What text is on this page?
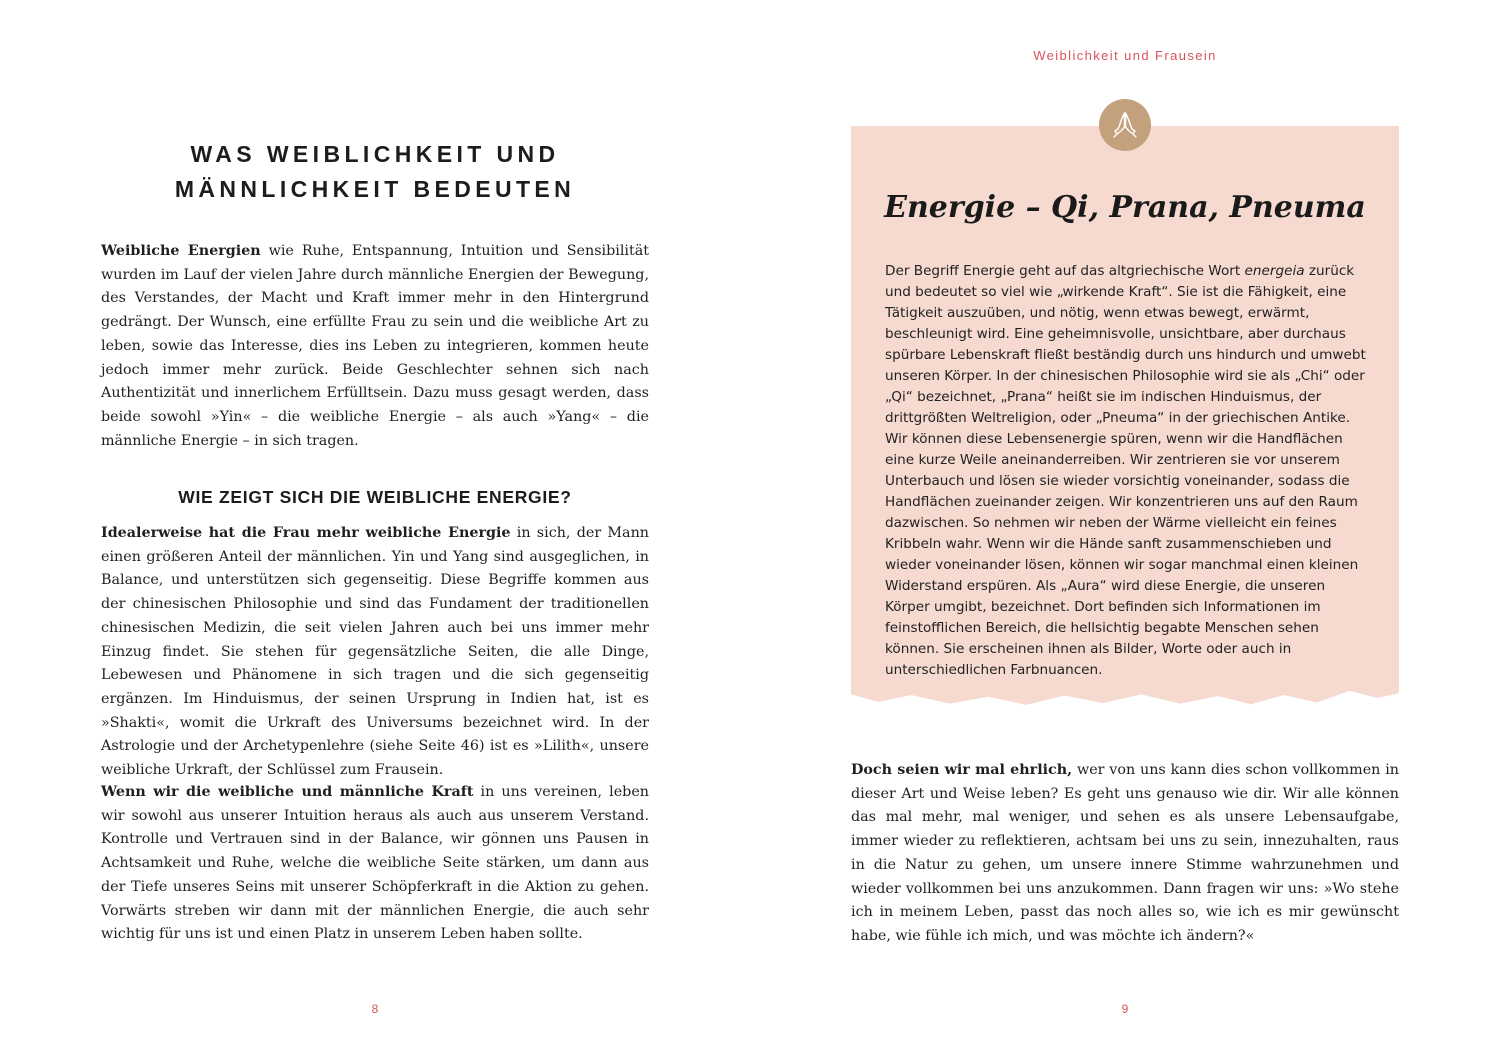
WAS WEIBLICHKEIT UND
MÄNNLICHKEIT BEDEUTEN

Weibliche Energien wie Ruhe, Entspannung, Intuition und Sensibilität wurden im Lauf der vielen Jahre durch männliche Energien der Bewegung, des Verstandes, der Macht und Kraft immer mehr in den Hintergrund gedrängt. Der Wunsch, eine erfüllte Frau zu sein und die weibliche Art zu leben, sowie das Interesse, dies ins Leben zu integrieren, kommen heute jedoch immer mehr zurück. Beide Geschlechter sehnen sich nach Authentizität und innerlichem Erfülltsein. Dazu muss gesagt werden, dass beide sowohl »Yin« – die weibliche Energie – als auch »Yang« – die männliche Energie – in sich tragen.

WIE ZEIGT SICH DIE WEIBLICHE ENERGIE?

Idealerweise hat die Frau mehr weibliche Energie in sich, der Mann einen größeren Anteil der männlichen. Yin und Yang sind ausgeglichen, in Balance, und unterstützen sich gegenseitig. Diese Begriffe kommen aus der chinesischen Philosophie und sind das Fundament der traditionellen chinesischen Medizin, die seit vielen Jahren auch bei uns immer mehr Einzug findet. Sie stehen für gegensätzliche Seiten, die alle Dinge, Lebewesen und Phänomene in sich tragen und die sich gegenseitig ergänzen. Im Hinduismus, der seinen Ursprung in Indien hat, ist es »Shakti«, womit die Urkraft des Universums bezeichnet wird. In der Astrologie und der Archetypenlehre (siehe Seite 46) ist es »Lilith«, unsere weibliche Urkraft, der Schlüssel zum Frausein.

Wenn wir die weibliche und männliche Kraft in uns vereinen, leben wir sowohl aus unserer Intuition heraus als auch aus unserem Verstand. Kontrolle und Vertrauen sind in der Balance, wir gönnen uns Pausen in Achtsamkeit und Ruhe, welche die weibliche Seite stärken, um dann aus der Tiefe unseres Seins mit unserer Schöpferkraft in die Aktion zu gehen. Vorwärts streben wir dann mit der männlichen Energie, die auch sehr wichtig für uns ist und einen Platz in unserem Leben haben sollte.

8
Weiblichkeit und Frausein
Energie – Qi, Prana, Pneuma

Der Begriff Energie geht auf das altgriechische Wort energeia zurück und bedeutet so viel wie „wirkende Kraft“. Sie ist die Fähigkeit, eine Tätigkeit auszuüben, und nötig, wenn etwas bewegt, erwärmt, beschleunigt wird. Eine geheimnisvolle, unsichtbare, aber durchaus spürbare Lebenskraft fließt beständig durch uns hindurch und umwebt unseren Körper. In der chinesischen Philosophie wird sie als „Chi“ oder „Qi“ bezeichnet, „Prana“ heißt sie im indischen Hinduismus, der drittgrößten Weltreligion, oder „Pneuma“ in der griechischen Antike.
Wir können diese Lebensenergie spüren, wenn wir die Handflächen eine kurze Weile aneinanderreiben. Wir zentrieren sie vor unserem Unterbauch und lösen sie wieder vorsichtig voneinander, sodass die Handflächen zueinander zeigen. Wir konzentrieren uns auf den Raum dazwischen. So nehmen wir neben der Wärme vielleicht ein feines Kribbeln wahr. Wenn wir die Hände sanft zusammenschieben und wieder voneinander lösen, können wir sogar manchmal einen kleinen Widerstand erspüren. Als „Aura“ wird diese Energie, die unseren Körper umgibt, bezeichnet. Dort befinden sich Informationen im feinstofflichen Bereich, die hellsichtig begabte Menschen sehen können. Sie erscheinen ihnen als Bilder, Worte oder auch in unterschiedlichen Farbnuancen.

Doch seien wir mal ehrlich, wer von uns kann dies schon vollkommen in dieser Art und Weise leben? Es geht uns genauso wie dir. Wir alle können das mal mehr, mal weniger, und sehen es als unsere Lebensaufgabe, immer wieder zu reflektieren, achtsam bei uns zu sein, innezuhalten, raus in die Natur zu gehen, um unsere innere Stimme wahrzunehmen und wieder vollkommen bei uns anzukommen. Dann fragen wir uns: »Wo stehe ich in meinem Leben, passt das noch alles so, wie ich es mir gewünscht habe, wie fühle ich mich, und was möchte ich ändern?«

9
